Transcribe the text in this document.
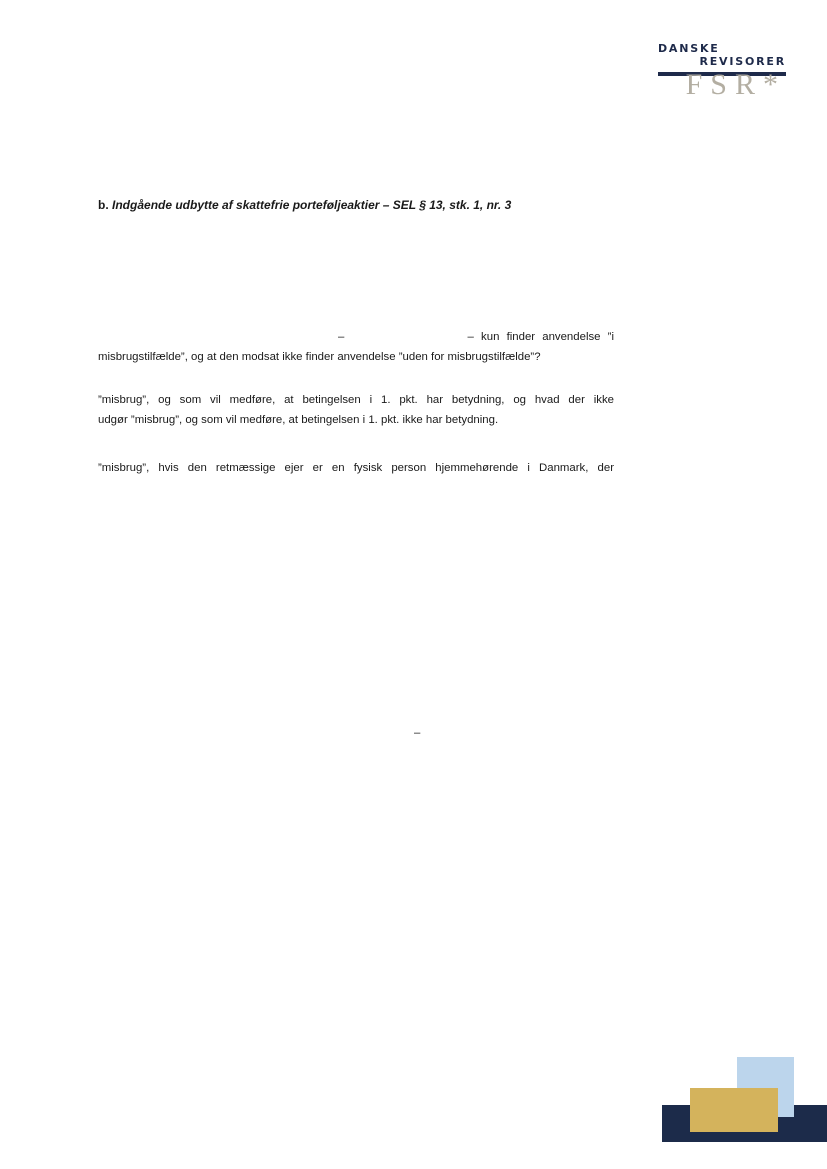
DANSKE
REVISORER
FSR*
b. Indgående udbytte af skattefrie porteføljeaktier – SEL § 13, stk. 1, nr. 3
–	– kun finder anvendelse ”i
misbrugstilfælde”, og at den modsat ikke finder anvendelse ”uden for misbrugstilfælde”?
”misbrug”, og som vil medføre, at betingelsen i 1. pkt. har betydning, og hvad der ikke
udgør ”misbrug”, og som vil medføre, at betingelsen i 1. pkt. ikke har betydning.
”misbrug”, hvis den retmæssige ejer er en fysisk person hjemmehørende i Danmark, der
–
